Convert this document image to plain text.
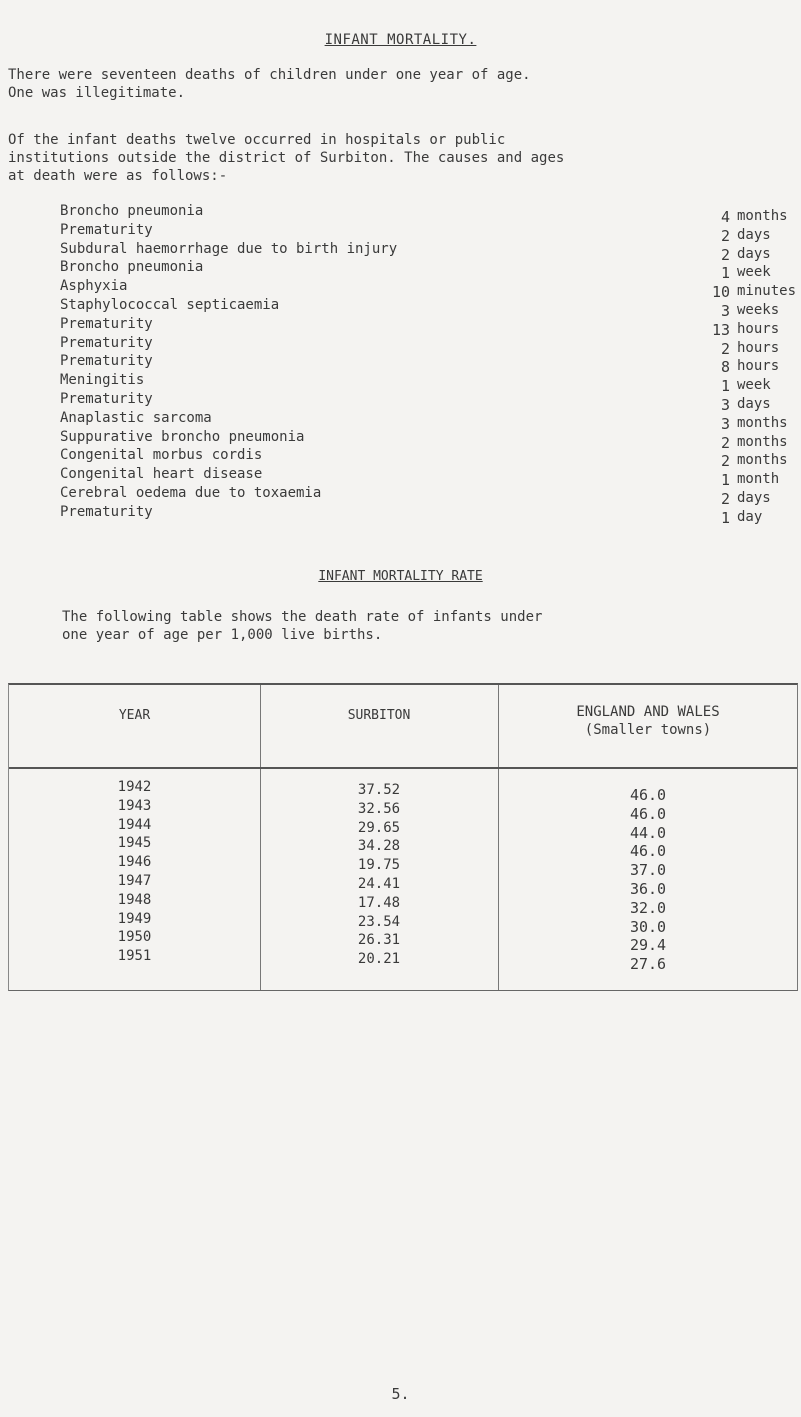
INFANT MORTALITY.

There were seventeen deaths of children under one year of age.
One was illegitimate.

Of the infant deaths twelve occurred in hospitals or public
institutions outside the district of Surbiton. The causes and ages
at death were as follows:-

Broncho pneumonia	4 months
Prematurity	2 days
Subdural haemorrhage due to birth injury	2 days
Broncho pneumonia	1 week
Asphyxia	10 minutes
Staphylococcal septicaemia	3 weeks
Prematurity	13 hours
Prematurity	2 hours
Prematurity	8 hours
Meningitis	1 week
Prematurity	3 days
Anaplastic sarcoma	3 months
Suppurative broncho pneumonia	2 months
Congenital morbus cordis	2 months
Congenital heart disease	1 month
Cerebral oedema due to toxaemia	2 days
Prematurity	1 day
INFANT MORTALITY RATE

The following table shows the death rate of infants under
one year of age per 1,000 live births.

YEAR	SURBITON	ENGLAND AND WALES
(Smaller towns)
1942	37.52	46.0
1943	32.56	46.0
1944	29.65	44.0
1945	34.28	46.0
1946	19.75	37.0
1947	24.41	36.0
1948	17.48	32.0
1949	23.54	30.0
1950	26.31	29.4
1951	20.21	27.6
5.
